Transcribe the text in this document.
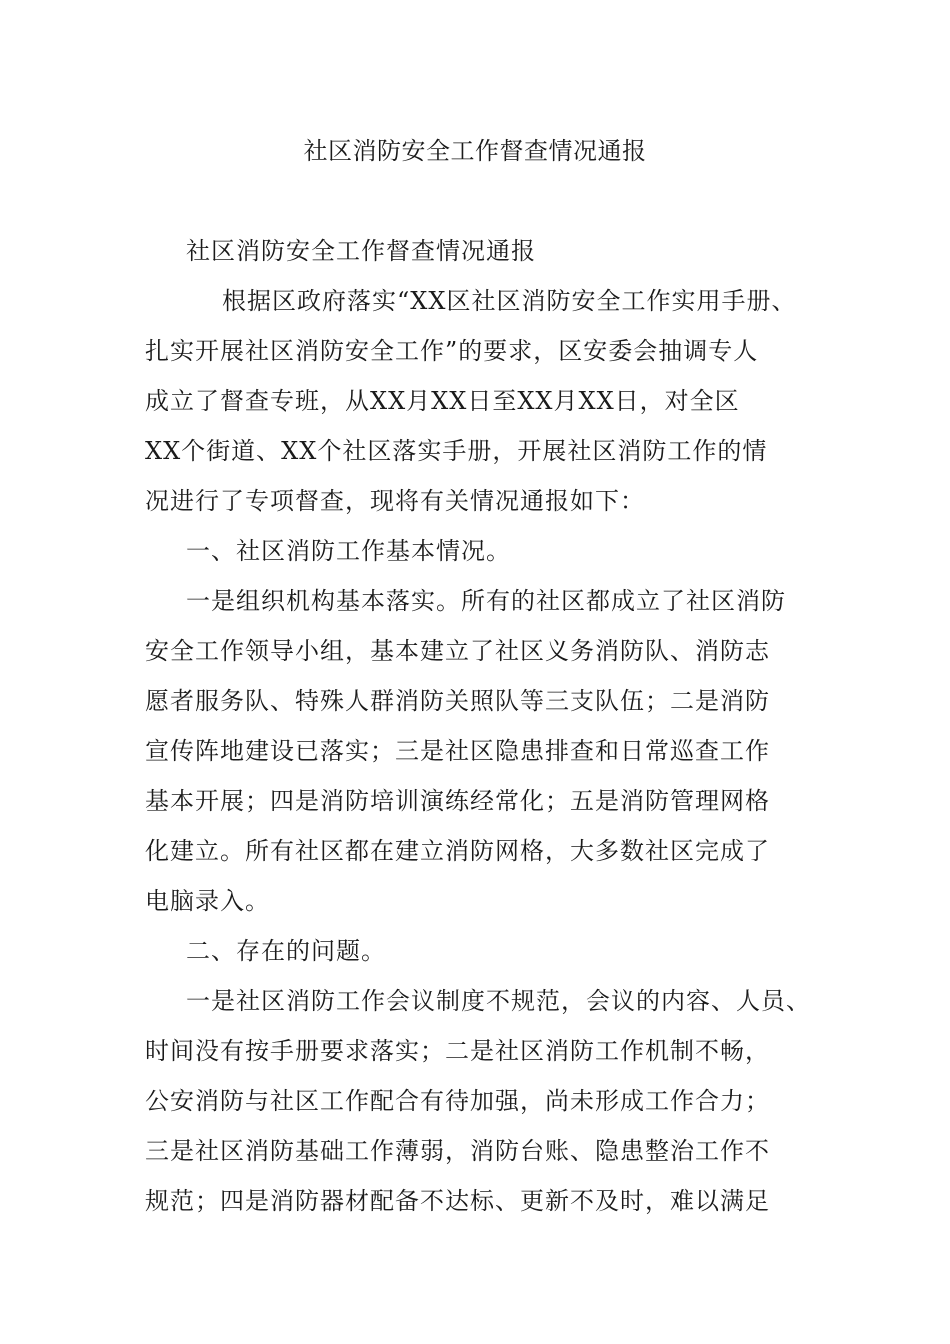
社区消防安全工作督查情况通报
社区消防安全工作督查情况通报
根据区政府落实“XX区社区消防安全工作实用手册、
扎实开展社区消防安全工作”的要求，区安委会抽调专人
成立了督查专班，从XX月XX日至XX月XX日，对全区
XX个街道、XX个社区落实手册，开展社区消防工作的情
况进行了专项督查，现将有关情况通报如下：
一、社区消防工作基本情况。
一是组织机构基本落实。所有的社区都成立了社区消防
安全工作领导小组，基本建立了社区义务消防队、消防志
愿者服务队、特殊人群消防关照队等三支队伍；二是消防
宣传阵地建设已落实；三是社区隐患排查和日常巡查工作
基本开展；四是消防培训演练经常化；五是消防管理网格
化建立。所有社区都在建立消防网格，大多数社区完成了
电脑录入。
二、存在的问题。
一是社区消防工作会议制度不规范，会议的内容、人员、
时间没有按手册要求落实；二是社区消防工作机制不畅，
公安消防与社区工作配合有待加强，尚未形成工作合力；
三是社区消防基础工作薄弱，消防台账、隐患整治工作不
规范；四是消防器材配备不达标、更新不及时，难以满足
